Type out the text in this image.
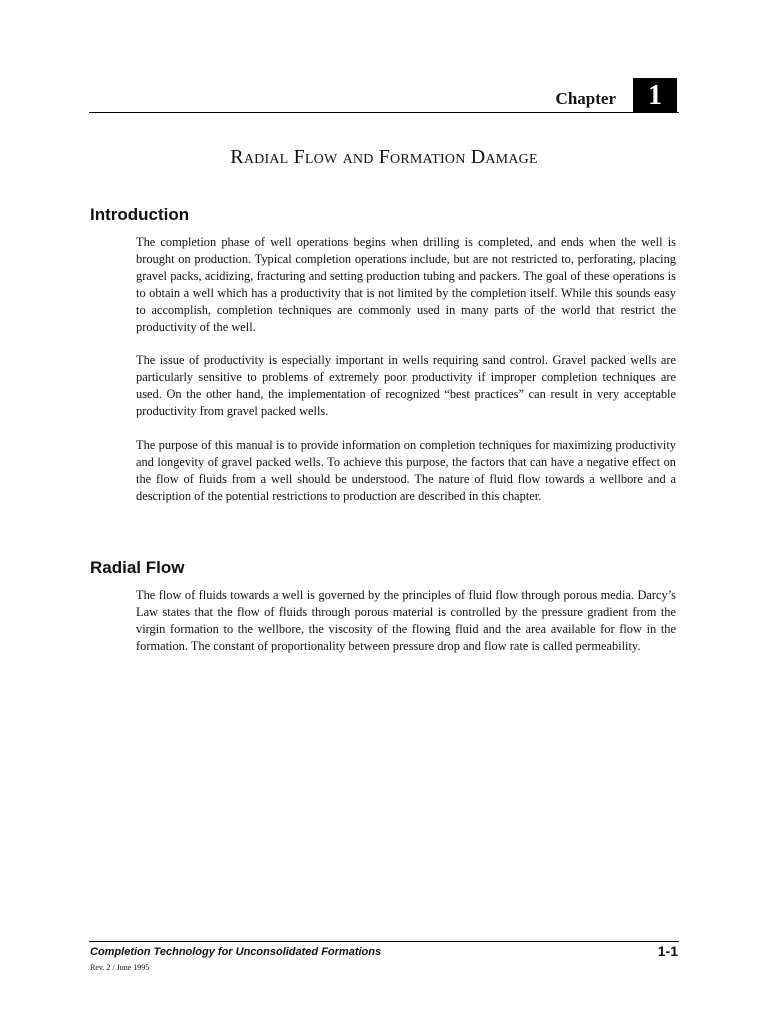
Chapter	1
Radial Flow and Formation Damage
Introduction

The completion phase of well operations begins when drilling is completed, and ends when the well is brought on production. Typical completion operations include, but are not restricted to, perforating, placing gravel packs, acidizing, fracturing and setting production tubing and packers. The goal of these operations is to obtain a well which has a productivity that is not limited by the completion itself. While this sounds easy to accomplish, completion techniques are commonly used in many parts of the world that restrict the productivity of the well.

The issue of productivity is especially important in wells requiring sand control. Gravel packed wells are particularly sensitive to problems of extremely poor productivity if improper completion techniques are used. On the other hand, the implementation of recognized “best practices” can result in very acceptable productivity from gravel packed wells.

The purpose of this manual is to provide information on completion techniques for maximizing productivity and longevity of gravel packed wells. To achieve this purpose, the factors that can have a negative effect on the flow of fluids from a well should be understood. The nature of fluid flow towards a wellbore and a description of the potential restrictions to production are described in this chapter.

Radial Flow

The flow of fluids towards a well is governed by the principles of fluid flow through porous media. Darcy’s Law states that the flow of fluids through porous material is controlled by the pressure gradient from the virgin formation to the wellbore, the viscosity of the flowing fluid and the area available for flow in the formation. The constant of proportionality between pressure drop and flow rate is called permeability.

Completion Technology for Unconsolidated Formations	1-1
Rev. 2 / June 1995
